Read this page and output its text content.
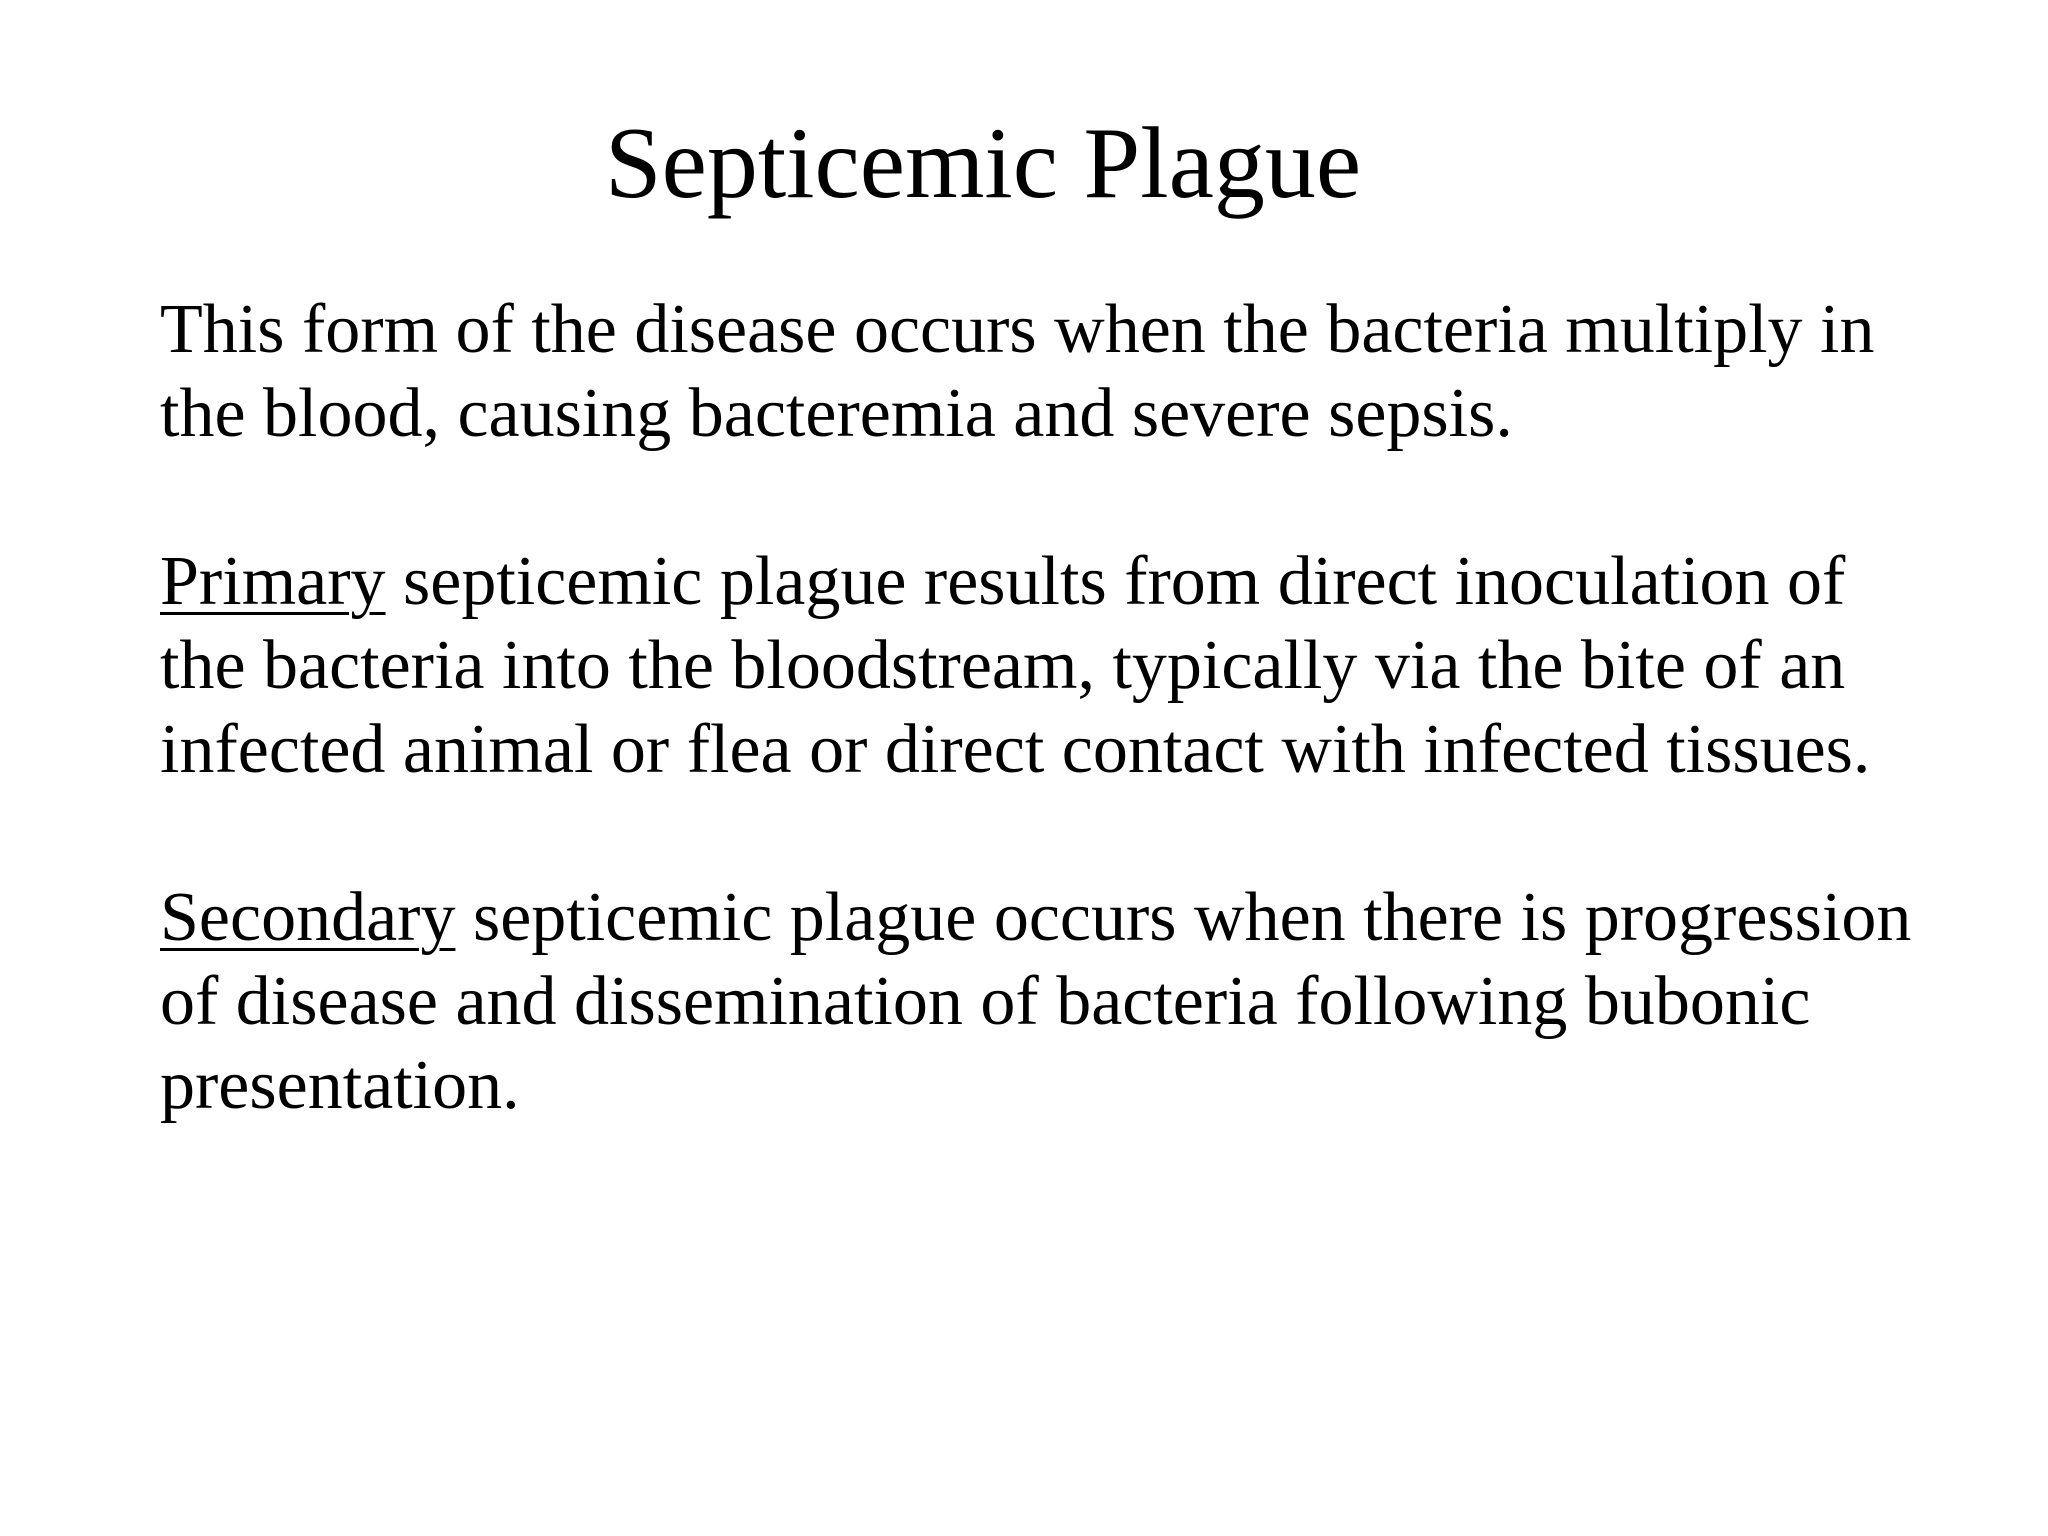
Septicemic Plague

This form of the disease occurs when the bacteria multiply in
the blood, causing bacteremia and severe sepsis.

Primary septicemic plague results from direct inoculation of
the bacteria into the bloodstream, typically via the bite of an
infected animal or flea or direct contact with infected tissues.

Secondary septicemic plague occurs when there is progression
of disease and dissemination of bacteria following bubonic
presentation.
